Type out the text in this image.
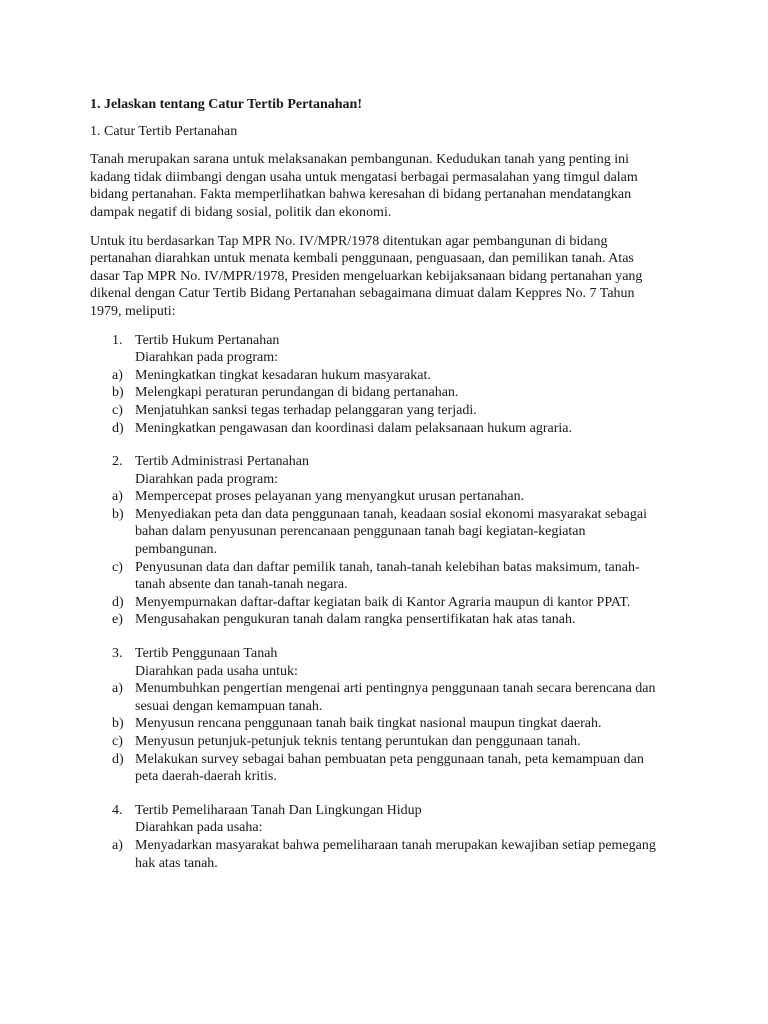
1. Jelaskan tentang Catur Tertib Pertanahan!
1. Catur Tertib Pertanahan
Tanah merupakan sarana untuk melaksanakan pembangunan. Kedudukan tanah yang penting ini kadang tidak diimbangi dengan usaha untuk mengatasi berbagai permasalahan yang timgul dalam bidang pertanahan. Fakta memperlihatkan bahwa keresahan di bidang pertanahan mendatangkan dampak negatif di bidang sosial, politik dan ekonomi.
Untuk itu berdasarkan Tap MPR No. IV/MPR/1978 ditentukan agar pembangunan di bidang pertanahan diarahkan untuk menata kembali penggunaan, penguasaan, dan pemilikan tanah. Atas dasar Tap MPR No. IV/MPR/1978, Presiden mengeluarkan kebijaksanaan bidang pertanahan yang dikenal dengan Catur Tertib Bidang Pertanahan sebagaimana dimuat dalam Keppres No. 7 Tahun 1979, meliputi:
1. Tertib Hukum Pertanahan
Diarahkan pada program:
a) Meningkatkan tingkat kesadaran hukum masyarakat.
b) Melengkapi peraturan perundangan di bidang pertanahan.
c) Menjatuhkan sanksi tegas terhadap pelanggaran yang terjadi.
d) Meningkatkan pengawasan dan koordinasi dalam pelaksanaan hukum agraria.
2. Tertib Administrasi Pertanahan
Diarahkan pada program:
a) Mempercepat proses pelayanan yang menyangkut urusan pertanahan.
b) Menyediakan peta dan data penggunaan tanah, keadaan sosial ekonomi masyarakat sebagai bahan dalam penyusunan perencanaan penggunaan tanah bagi kegiatan-kegiatan pembangunan.
c) Penyusunan data dan daftar pemilik tanah, tanah-tanah kelebihan batas maksimum, tanah-tanah absente dan tanah-tanah negara.
d) Menyempurnakan daftar-daftar kegiatan baik di Kantor Agraria maupun di kantor PPAT.
e) Mengusahakan pengukuran tanah dalam rangka pensertifikatan hak atas tanah.
3. Tertib Penggunaan Tanah
Diarahkan pada usaha untuk:
a) Menumbuhkan pengertian mengenai arti pentingnya penggunaan tanah secara berencana dan sesuai dengan kemampuan tanah.
b) Menyusun rencana penggunaan tanah baik tingkat nasional maupun tingkat daerah.
c) Menyusun petunjuk-petunjuk teknis tentang peruntukan dan penggunaan tanah.
d) Melakukan survey sebagai bahan pembuatan peta penggunaan tanah, peta kemampuan dan peta daerah-daerah kritis.
4. Tertib Pemeliharaan Tanah Dan Lingkungan Hidup
Diarahkan pada usaha:
a) Menyadarkan masyarakat bahwa pemeliharaan tanah merupakan kewajiban setiap pemegang hak atas tanah.
